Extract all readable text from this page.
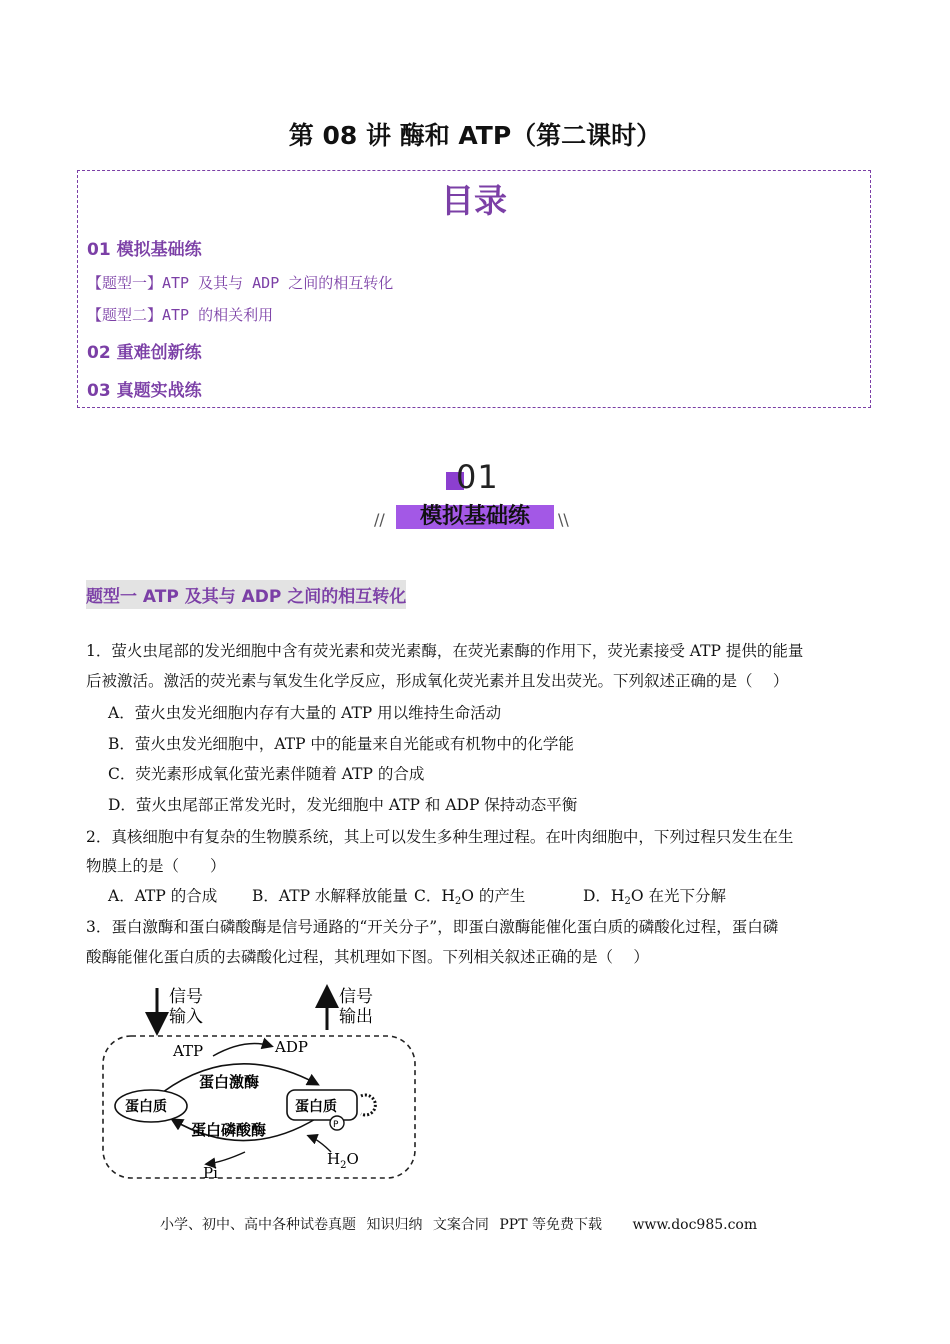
第 08 讲 酶和 ATP（第二课时）
目录
01 模拟基础练
【题型一】ATP 及其与 ADP 之间的相互转化
【题型二】ATP 的相关利用
02 重难创新练
03 真题实战练
01
模拟基础练
//	\\
题型一 ATP 及其与 ADP 之间的相互转化
1．萤火虫尾部的发光细胞中含有荧光素和荧光素酶，在荧光素酶的作用下，荧光素接受 ATP 提供的能量
后被激活。激活的荧光素与氧发生化学反应，形成氧化荧光素并且发出荧光。下列叙述正确的是（　 ）
A．萤火虫发光细胞内存有大量的 ATP 用以维持生命活动
B．萤火虫发光细胞中，ATP 中的能量来自光能或有机物中的化学能
C．荧光素形成氧化萤光素伴随着 ATP 的合成
D．萤火虫尾部正常发光时，发光细胞中 ATP 和 ADP 保持动态平衡
2．真核细胞中有复杂的生物膜系统，其上可以发生多种生理过程。在叶肉细胞中，下列过程只发生在生
物膜上的是（　　）
A．ATP 的合成 B．ATP 水解释放能量 C．$H_2O$ 的产生	D．$H_2O$ 在光下分解
3．蛋白激酶和蛋白磷酸酶是信号通路的“开关分子”，即蛋白激酶能催化蛋白质的磷酸化过程，蛋白磷
酸酶能催化蛋白质的去磷酸化过程，其机理如下图。下列相关叙述正确的是（　 ）
信号
输入
信号
输出
ATP	ADP
蛋白激酶
蛋白磷酸酶
蛋白质	蛋白质
P
Pi
$H_2O$
小学、初中、高中各种试卷真题 知识归纳 文案合同 PPT 等免费下载 www.doc985.com
